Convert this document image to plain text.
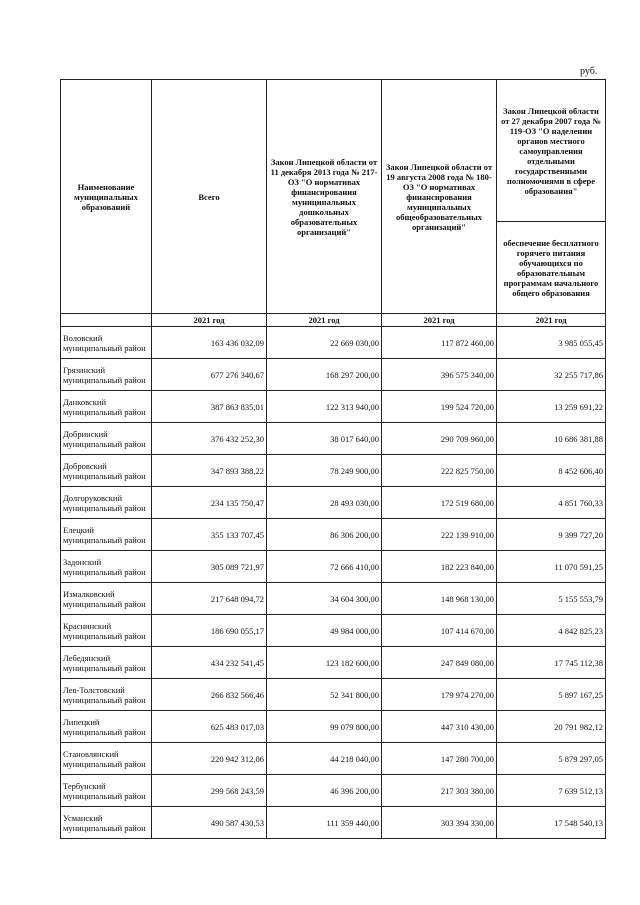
руб.
Наименование муниципальных образований	Всего	Закон Липецкой области от 11 декабря 2013 года № 217-ОЗ "О нормативах финансирования муниципальных дошкольных образовательных организаций"	Закон Липецкой области от 19 августа 2008 года № 180-ОЗ "О нормативах финансирования муниципальных общеобразовательных организаций"	Закон Липецкой области от 27 декабря 2007 года № 119-ОЗ "О наделении органов местного самоуправления отдельными государственными полномочиями в сфере образования"
				обеспечение бесплатного горячего питания обучающихся по образовательным программам начального общего образования
	2021 год	2021 год	2021 год	2021 год
Воловский муниципальный район	163 436 032,09	22 669 030,00	117 872 460,00	3 985 055,45
Грязинский муниципальный район	677 276 340,67	168 297 200,00	396 575 340,00	32 255 717,86
Данковский муниципальный район	387 863 835,01	122 313 940,00	199 524 720,00	13 259 691,22
Добринский муниципальный район	376 432 252,30	38 017 640,00	290 709 960,00	10 686 381,88
Добровский муниципальный район	347 893 388,22	78 249 900,00	222 825 750,00	8 452 606,40
Долгоруковский муниципальный район	234 135 750,47	28 493 030,00	172 519 680,00	4 851 760,33
Елецкий муниципальный район	355 133 707,45	86 306 200,00	222 139 910,00	9 399 727,20
Задонский муниципальный район	305 089 721,97	72 666 410,00	182 223 840,00	11 070 591,25
Измалковский муниципальный район	217 648 094,72	34 604 300,00	148 968 130,00	5 155 553,79
Краснинский муниципальный район	186 690 055,17	49 984 000,00	107 414 670,00	4 842 825,23
Лебедянский муниципальный район	434 232 541,45	123 182 600,00	247 849 080,00	17 745 112,38
Лев-Толстовский муниципальный район	266 832 566,46	52 341 800,00	179 974 270,00	5 897 167,25
Липецкий муниципальный район	625 483 017,03	99 079 800,00	447 310 430,00	20 791 982,12
Становлянский муниципальный район	220 942 312,06	44 218 040,00	147 280 700,00	5 879 297,05
Тербунский муниципальный район	299 568 243,59	46 396 200,00	217 303 380,00	7 639 512,13
Усманский муниципальный район	490 587 430,53	111 359 440,00	303 394 330,00	17 548 540,13
